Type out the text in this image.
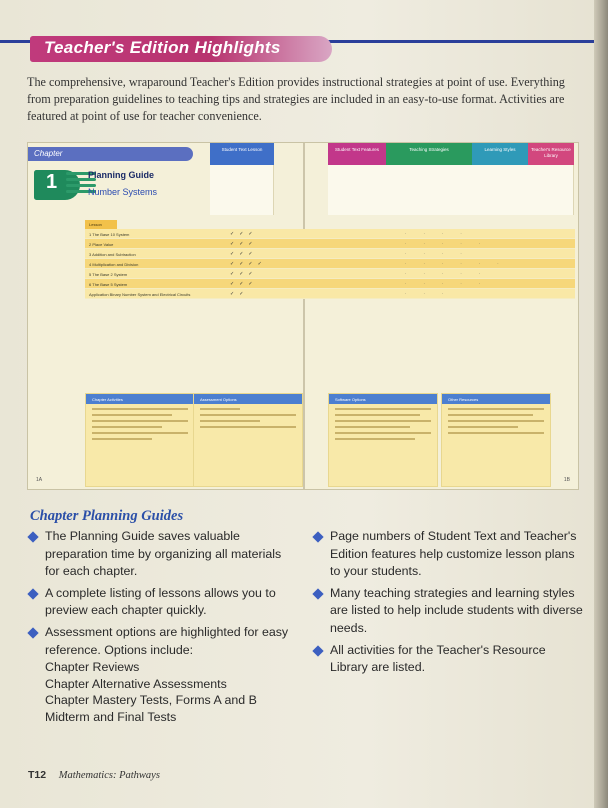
Teacher's Edition Highlights

The comprehensive, wraparound Teacher's Edition provides instructional strategies at point of use. Everything from preparation guidelines to teaching tips and strategies are included in an easy-to-use format. Activities are featured at point of use for teacher convenience.

Chapter
1	Planning Guide
Number Systems
Student Text Lesson	Student Text Features	Teaching Strategies	Learning Styles	Teacher's Resource Library
Lesson
1 The Base 10 System	✓✓✓	· · · ·
2 Place Value	✓✓✓	· · · · ·
3 Addition and Subtraction	✓✓✓	· · · ·
4 Multiplication and Division	✓✓✓✓	· · · · · ·
5 The Base 2 System	✓✓✓	· · · · ·
6 The Base 5 System	✓✓✓	· · · · ·
Application Binary Number System and Electrical Circuits	✓✓	· · ·
Chapter Activities	Assessment Options	Software Options	Other Resources
1A	1B
Chapter Planning Guides
The Planning Guide saves valuable preparation time by organizing all materials for each chapter.
A complete listing of lessons allows you to preview each chapter quickly.
Assessment options are highlighted for easy reference. Options include:
Chapter Reviews
Chapter Alternative Assessments
Chapter Mastery Tests, Forms A and B
Midterm and Final Tests
Page numbers of Student Text and Teacher's Edition features help customize lesson plans to your students.
Many teaching strategies and learning styles are listed to help include students with diverse needs.
All activities for the Teacher's Resource Library are listed.
T12 Mathematics: Pathways
